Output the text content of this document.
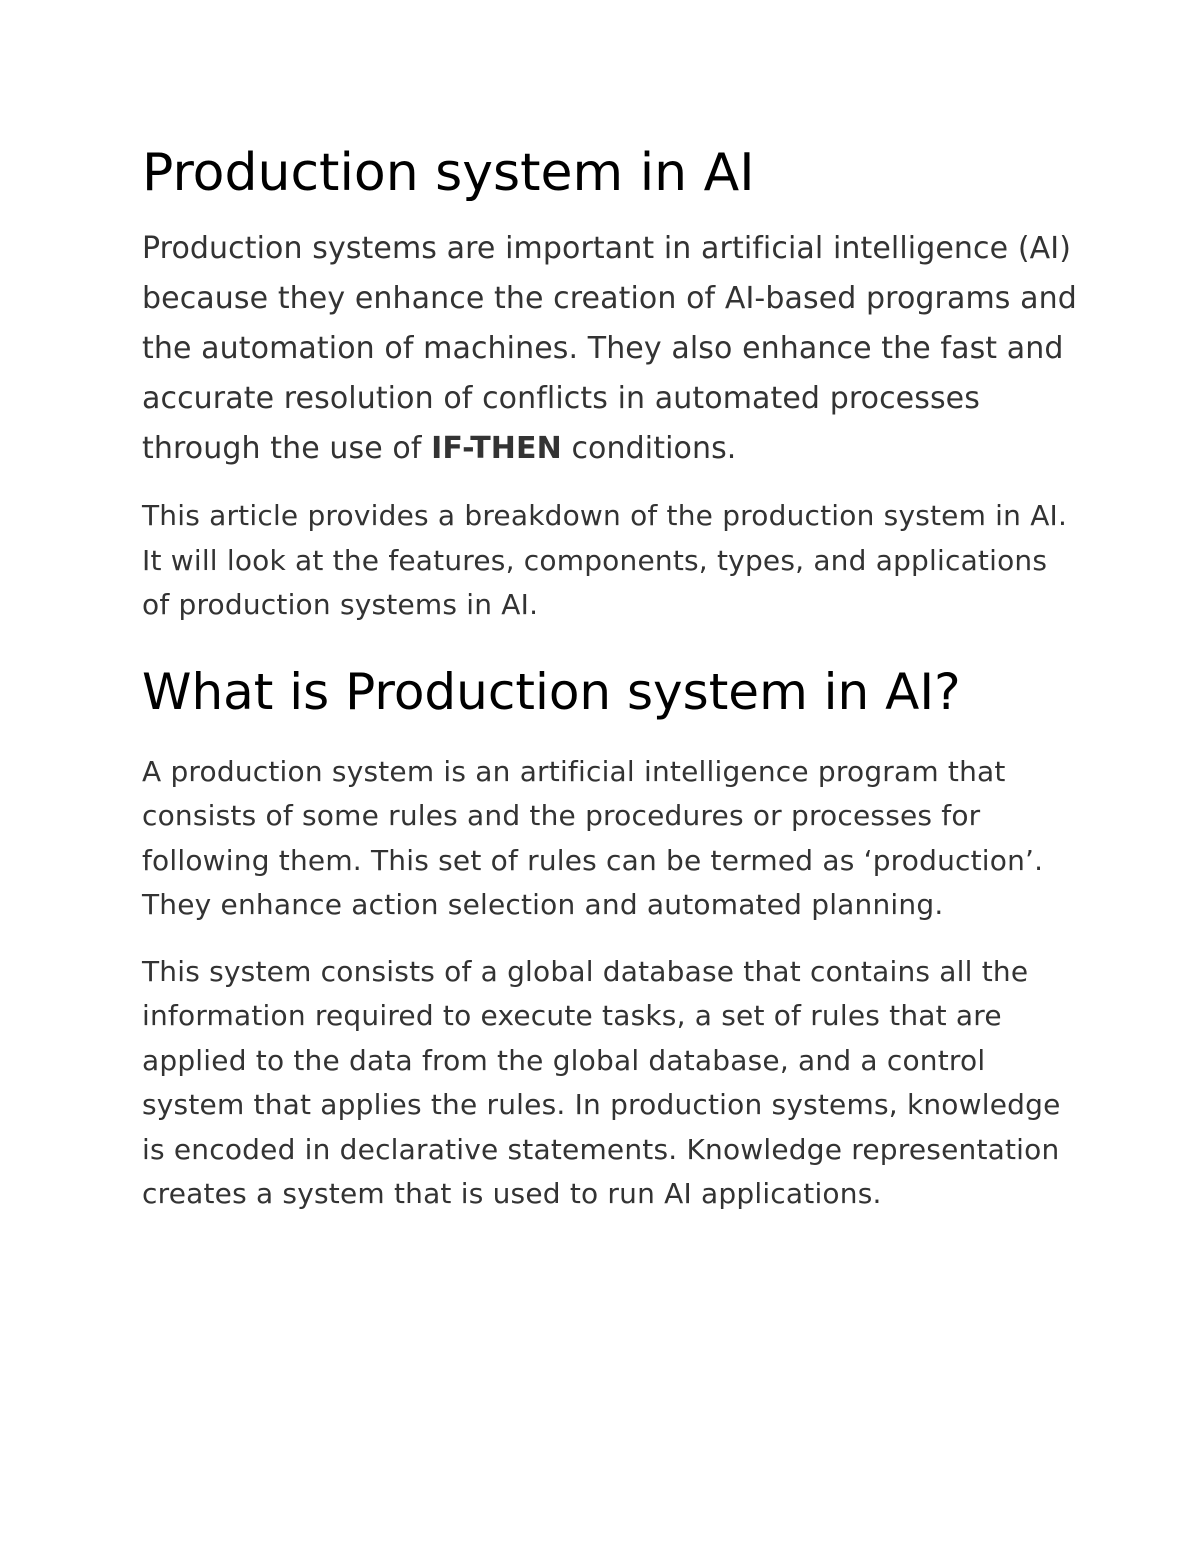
Production system in AI

Production systems are important in artificial intelligence (AI) because they enhance the creation of AI-based programs and the automation of machines. They also enhance the fast and accurate resolution of conflicts in automated processes through the use of IF-THEN conditions.

This article provides a breakdown of the production system in AI. It will look at the features, components, types, and applications of production systems in AI.

What is Production system in AI?

A production system is an artificial intelligence program that consists of some rules and the procedures or processes for following them. This set of rules can be termed as ‘production’. They enhance action selection and automated planning.

This system consists of a global database that contains all the information required to execute tasks, a set of rules that are applied to the data from the global database, and a control system that applies the rules. In production systems, knowledge is encoded in declarative statements. Knowledge representation creates a system that is used to run AI applications.
